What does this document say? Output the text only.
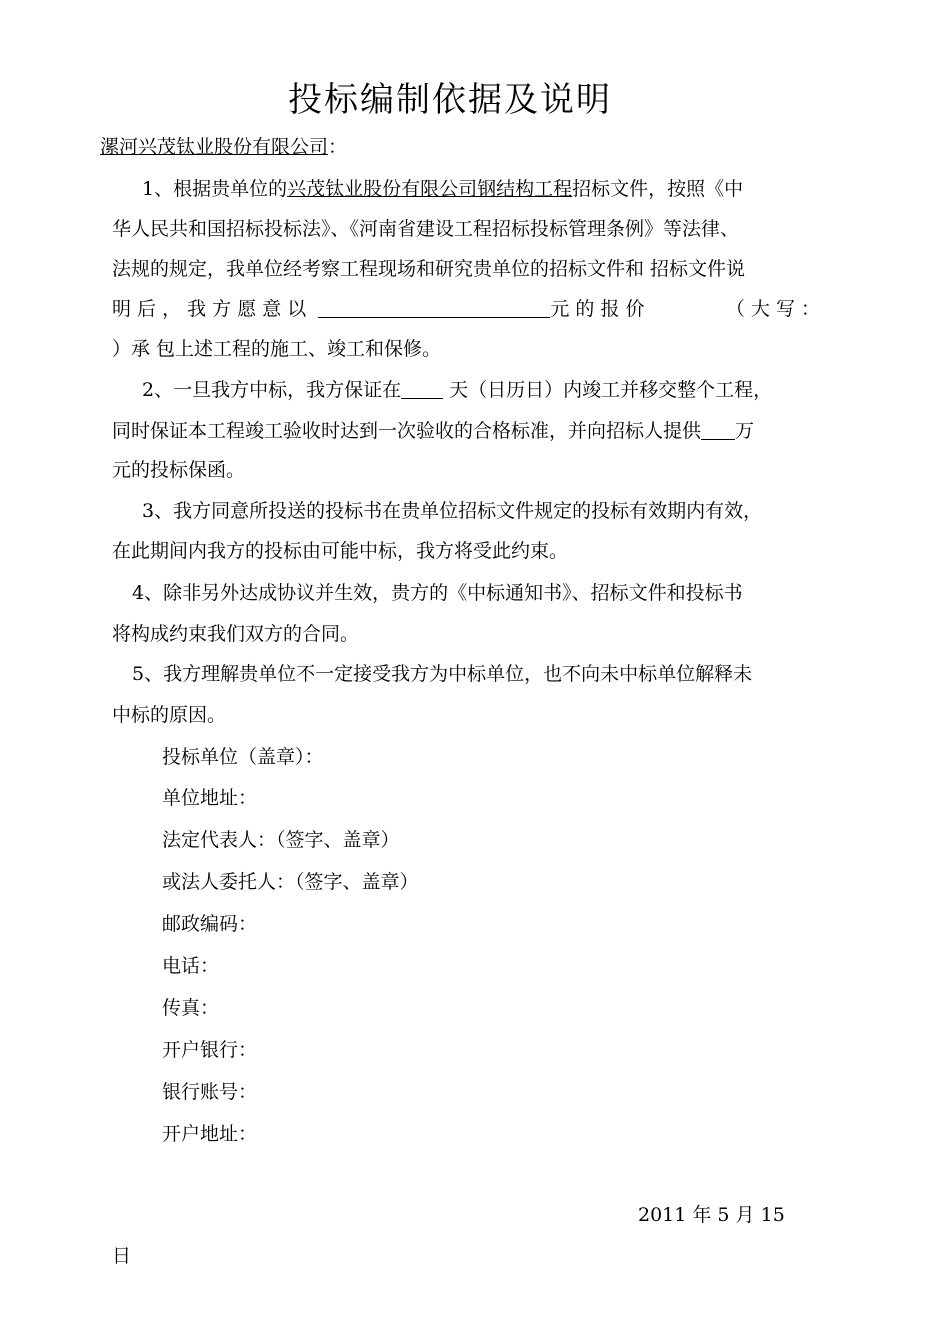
投标编制依据及说明
漯河兴茂钛业股份有限公司：
1、根据贵单位的兴茂钛业股份有限公司钢结构工程招标文件，按照《中
华人民共和国招标投标法》、《河南省建设工程招标投标管理条例》等法律、
法规的规定，我单位经考察工程现场和研究贵单位的招标文件和 招标文件说
明 后 ， 我 方 愿 意 以	元 的 报 价	（ 大 写 ：
）承 包上述工程的施工、竣工和保修。
2、一旦我方中标，我方保证在 天（日历日）内竣工并移交整个工程，
同时保证本工程竣工验收时达到一次验收的合格标准，并向招标人提供 万
元的投标保函。
3、我方同意所投送的投标书在贵单位招标文件规定的投标有效期内有效，
在此期间内我方的投标由可能中标，我方将受此约束。
4、除非另外达成协议并生效，贵方的《中标通知书》、招标文件和投标书
将构成约束我们双方的合同。
5、我方理解贵单位不一定接受我方为中标单位，也不向未中标单位解释未
中标的原因。
投标单位（盖章）：
单位地址：
法定代表人：（签字、盖章）
或法人委托人：（签字、盖章）
邮政编码：
电话：
传真：
开户银行：
银行账号：
开户地址：
2011 年 5 月 15
日
